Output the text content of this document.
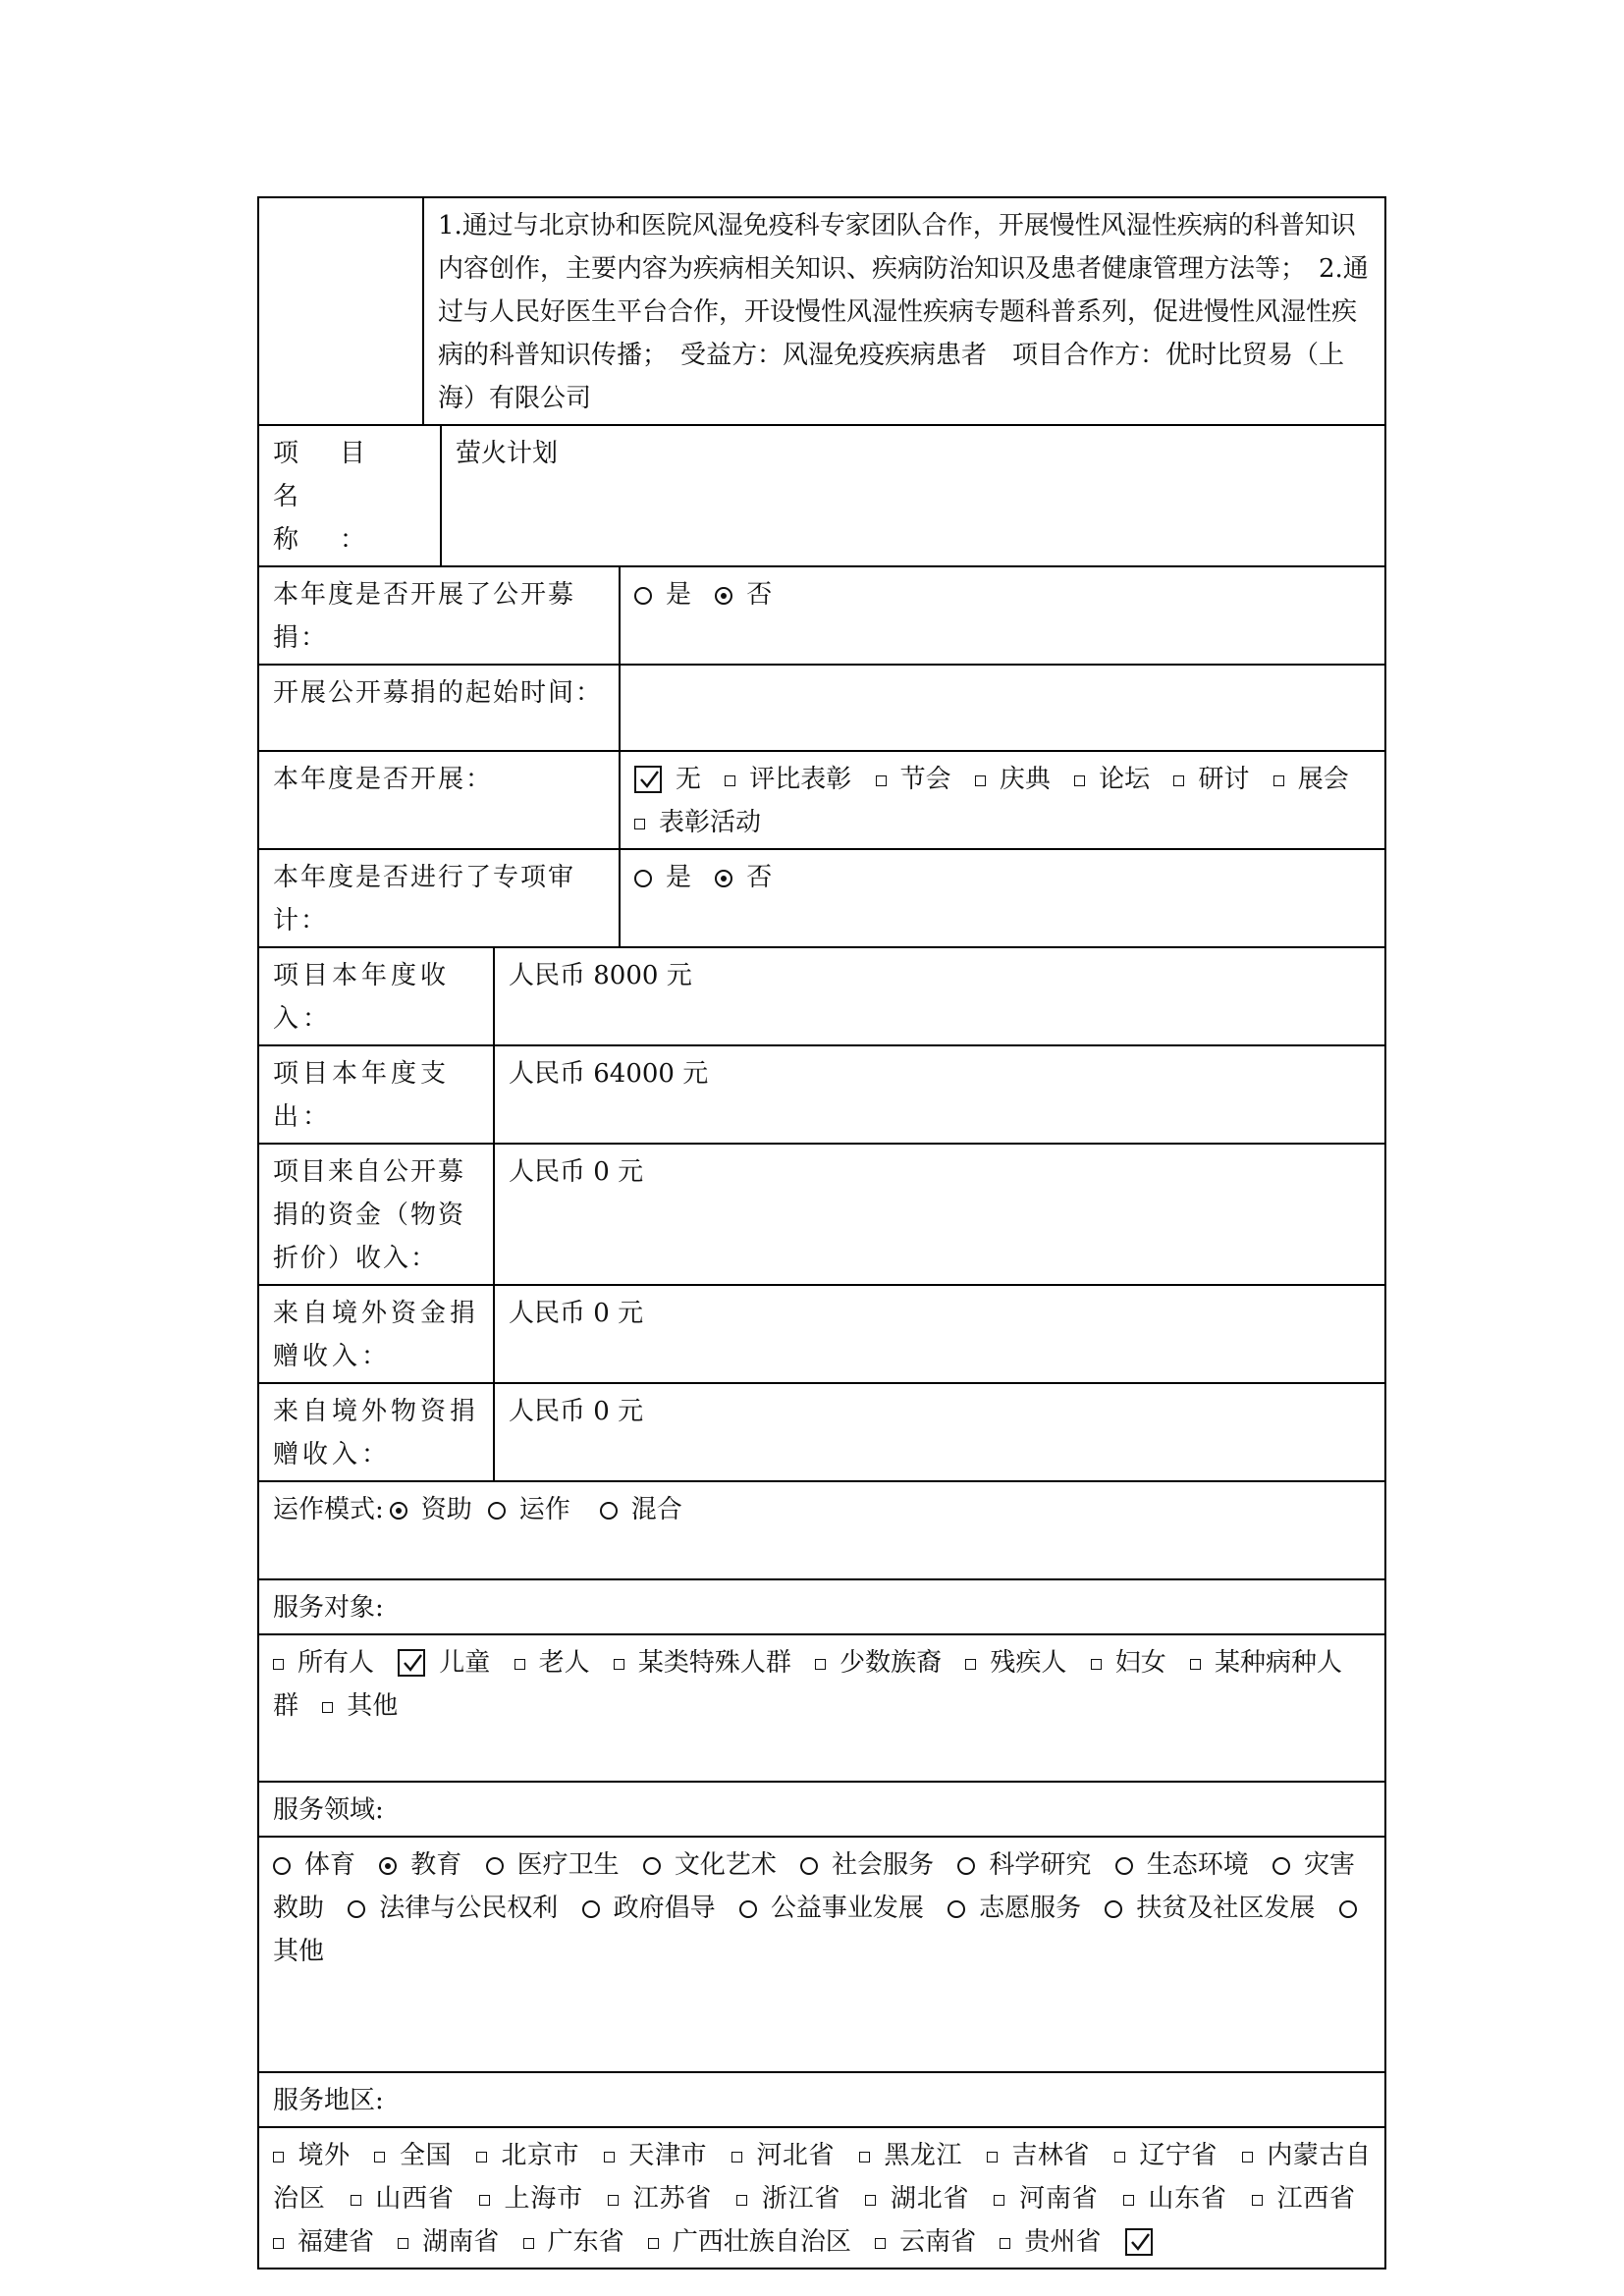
	1.通过与北京协和医院风湿免疫科专家团队合作，开展慢性风湿性疾病的科普知识内容创作，主要内容为疾病相关知识、疾病防治知识及患者健康管理方法等；　2.通过与人民好医生平台合作，开设慢性风湿性疾病专题科普系列，促进慢性风湿性疾病的科普知识传播；　受益方：风湿免疫疾病患者　项目合作方：优时比贸易（上海）有限公司			
项　目　名　称　：		萤火计划		
本年度是否开展了公开募捐：				是 否
开展公开募捐的起始时间：				
本年度是否开展：				无 评比表彰 节会 庆典 论坛 研讨 展会 表彰活动
本年度是否进行了专项审计：				是 否
项目本年度收入：			人民币 8000 元	
项目本年度支出：			人民币 64000 元	
项目来自公开募捐的资金（物资折价）收入：			人民币 0 元	
来自境外资金捐赠收入：			人民币 0 元	
来自境外物资捐赠收入：			人民币 0 元	
运作模式: 资助 运作 混合				
服务对象:				
所有人 儿童 老人 某类特殊人群 少数族裔 残疾人 妇女 某种病种人群 其他				
服务领域:				
体育 教育 医疗卫生 文化艺术 社会服务 科学研究 生态环境 灾害救助 法律与公民权利 政府倡导 公益事业发展 志愿服务 扶贫及社区发展 其他				
服务地区:				
境外 全国 北京市 天津市 河北省 黑龙江 吉林省 辽宁省 内蒙古自治区 山西省 上海市 江苏省 浙江省 湖北省 河南省 山东省 江西省 福建省 湖南省 广东省 广西壮族自治区 云南省 贵州省				
